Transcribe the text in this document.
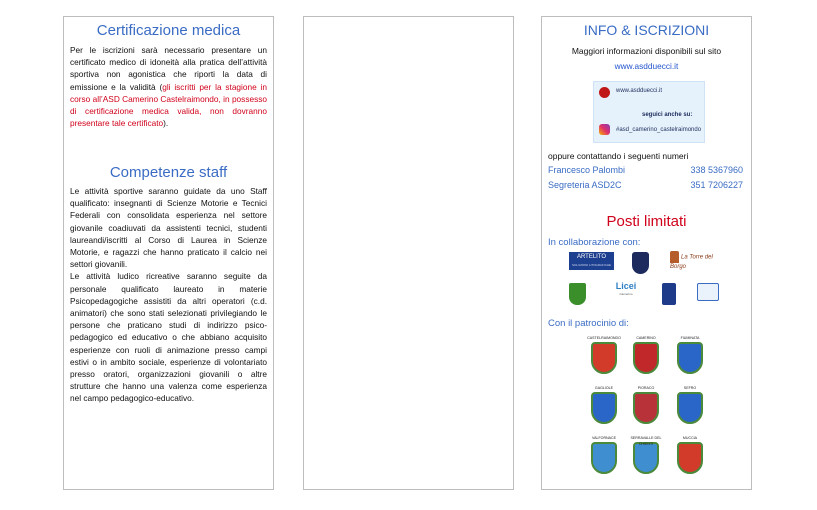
Certificazione medica

Per le iscrizioni sarà necessario presentare un certificato medico di idoneità alla pratica dell’attività sportiva non agonistica che riporti la data di emissione e la validità (gli iscritti per la stagione in corso all’ASD Camerino Castelraimondo, in possesso di certificazione medica valida, non dovranno presentare tale certificato).

Competenze staff

Le attività sportive saranno guidate da uno Staff qualificato: insegnanti di Scienze Motorie e Tecnici Federali con consolidata esperienza nel settore giovanile coadiuvati da assistenti tecnici, studenti laureandi/iscritti al Corso di Laurea in Scienze Motorie, e ragazzi che hanno praticato il calcio nei settori giovanili.

Le attività ludico ricreative saranno seguite da personale qualificato laureato in materie Psicopedagogiche assistiti da altri operatori (c.d. animatori) che sono stati selezionati privilegiando le persone che praticano studi di indirizzo psico-pedagogico ed educativo o che abbiano acquisito esperienze con ruoli di animazione presso campi estivi o in ambito sociale, esperienze di volontariato presso oratori, organizzazioni giovanili o altre strutture che hanno una valenza come esperienza nel campo pedagogico-educativo.

INFO & ISCRIZIONI
Maggiori informazioni disponibili sul sito
www.asdduecci.it
www.asdduecci.it
seguici anche su:
#asd_camerino_castelraimondo
oppure contattando i seguenti numeri
Francesco Palombi	338 5367960
Segreteria ASD2C	351 7206227
Posti limitati
In collaborazione con:
ARTELITO
SOLUZIONI LITOGRAFICHE
La Torre del Borgo
Licei
Camerino
Con il patrocinio di:
CASTELRAIMONDO	CAMERINO	FIUMINATA
GAGLIOLE	PIORACO	SEFRO
VALFORNACE	SERRAVALLE DEL CHIENTI
MUCCIA
